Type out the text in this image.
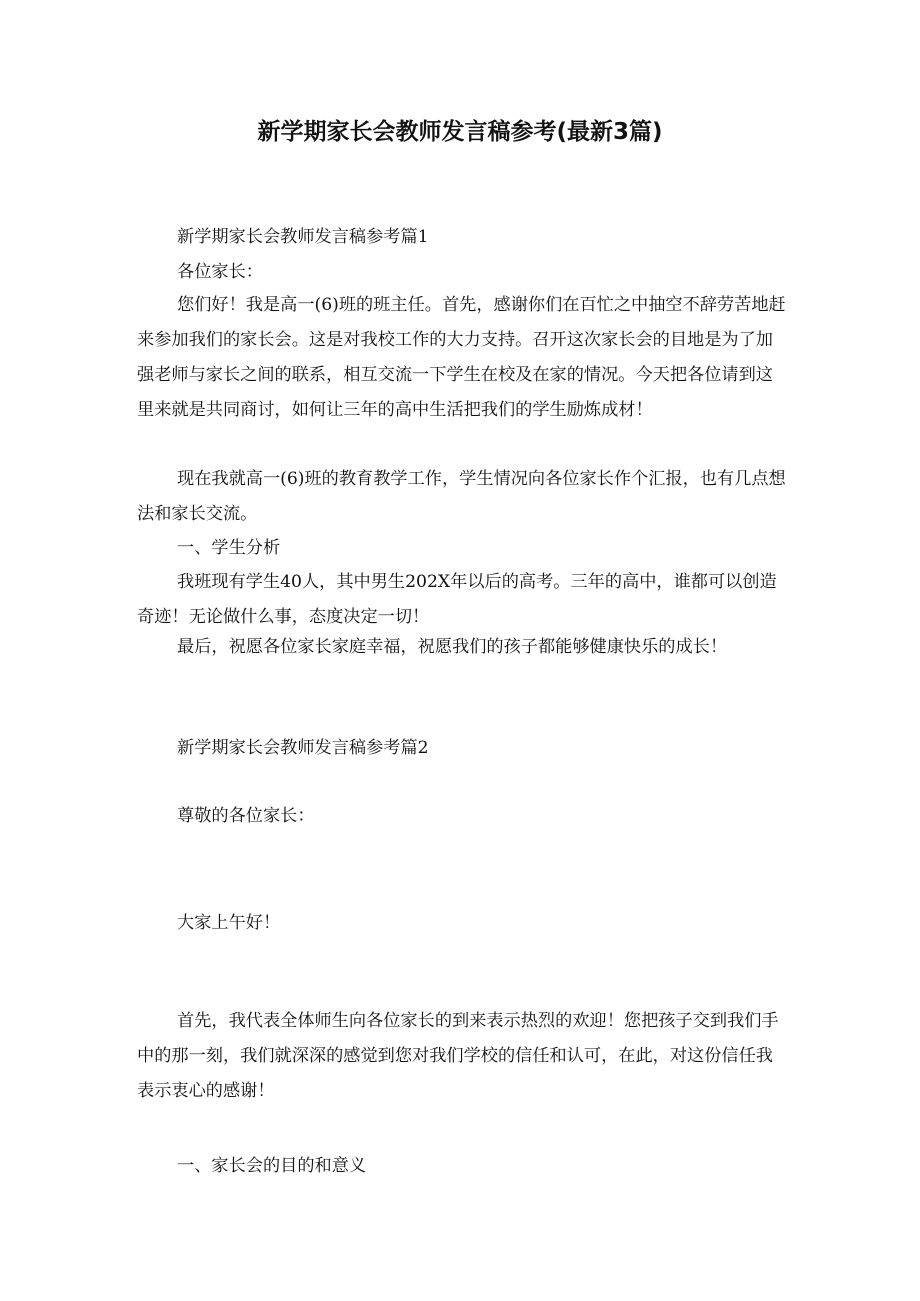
新学期家长会教师发言稿参考(最新3篇)
新学期家长会教师发言稿参考篇1
各位家长：
您们好！我是高一(6)班的班主任。首先，感谢你们在百忙之中抽空不辞劳苦地赶来参加我们的家长会。这是对我校工作的大力支持。召开这次家长会的目地是为了加强老师与家长之间的联系，相互交流一下学生在校及在家的情况。今天把各位请到这里来就是共同商讨，如何让三年的高中生活把我们的学生励炼成材！
现在我就高一(6)班的教育教学工作，学生情况向各位家长作个汇报，也有几点想法和家长交流。
一、学生分析
我班现有学生40人，其中男生202X年以后的高考。三年的高中，谁都可以创造奇迹！无论做什么事，态度决定一切！
最后，祝愿各位家长家庭幸福，祝愿我们的孩子都能够健康快乐的成长！
新学期家长会教师发言稿参考篇2
尊敬的各位家长：
大家上午好！
首先，我代表全体师生向各位家长的到来表示热烈的欢迎！您把孩子交到我们手中的那一刻，我们就深深的感觉到您对我们学校的信任和认可，在此，对这份信任我表示衷心的感谢！
一、家长会的目的和意义
